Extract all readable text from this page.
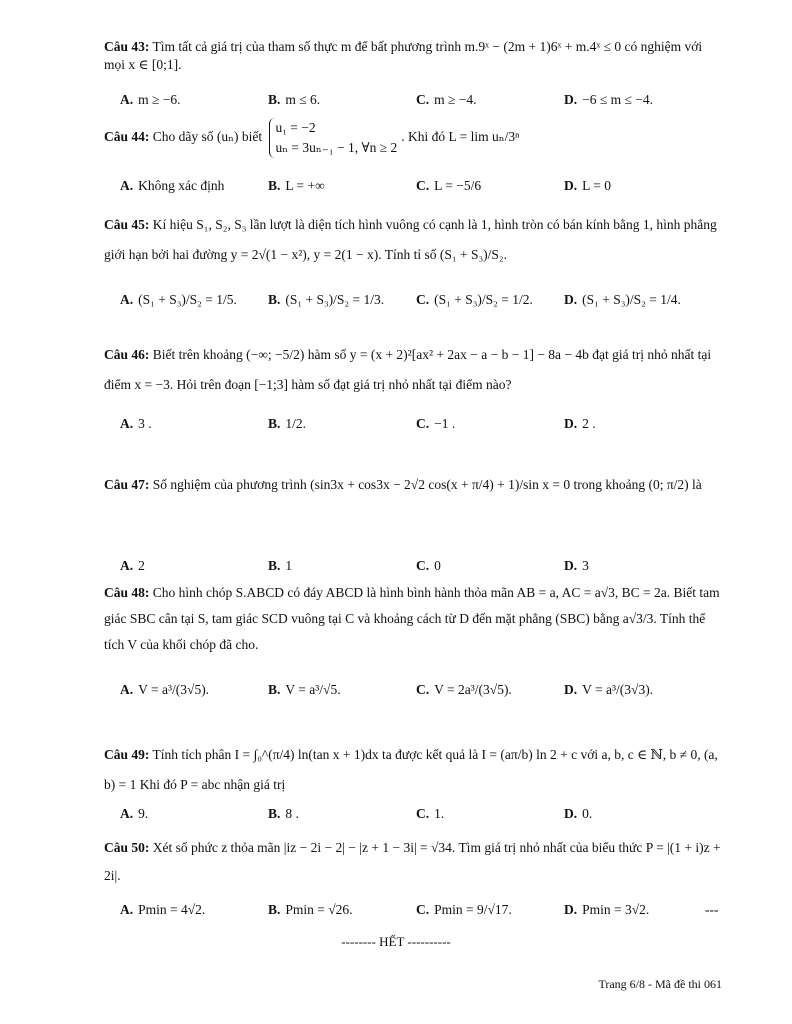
Câu 43: Tìm tất cả giá trị của tham số thực m để bất phương trình m.9ˣ − (2m + 1)6ˣ + m.4ˣ ≤ 0 có nghiệm với mọi x ∈ [0;1].
A. m ≥ −6.	B. m ≤ 6.	C. m ≥ −4.	D. −6 ≤ m ≤ −4.
Câu 44: Cho dãy số (uₙ) biết
u₁ = −2
uₙ = 3uₙ₋₁ − 1, ∀n ≥ 2
. Khi đó L = lim uₙ/3ⁿ
A. Không xác định	B. L = +∞	C. L = −5/6	D. L = 0
Câu 45: Kí hiệu S₁, S₂, S₃ lần lượt là diện tích hình vuông có cạnh là 1, hình tròn có bán kính bằng 1, hình phẳng giới hạn bởi hai đường y = 2√(1 − x²), y = 2(1 − x). Tính tỉ số (S₁ + S₃)/S₂.
A. (S₁ + S₃)/S₂ = 1/5. B. (S₁ + S₃)/S₂ = 1/3. C. (S₁ + S₃)/S₂ = 1/2. D. (S₁ + S₃)/S₂ = 1/4.
Câu 46: Biết trên khoảng (−∞; −5/2) hàm số y = (x + 2)²[ax² + 2ax − a − b − 1] − 8a − 4b đạt giá trị nhỏ nhất tại điểm x = −3. Hỏi trên đoạn [−1;3] hàm số đạt giá trị nhỏ nhất tại điểm nào?
A. 3 .	B. 1/2.	C. −1 .	D. 2 .
Câu 47: Số nghiệm của phương trình (sin3x + cos3x − 2√2 cos(x + π/4) + 1)/sin x = 0 trong khoảng (0; π/2) là
A. 2	B. 1	C. 0	D. 3
Câu 48: Cho hình chóp S.ABCD có đáy ABCD là hình bình hành thỏa mãn AB = a, AC = a√3, BC = 2a. Biết tam giác SBC cân tại S, tam giác SCD vuông tại C và khoảng cách từ D đến mặt phẳng (SBC) bằng a√3/3. Tính thể tích V của khối chóp đã cho.
A. V = a³/(3√5).	B. V = a³/√5.	C. V = 2a³/(3√5).	D. V = a³/(3√3).
Câu 49: Tính tích phân I = ∫₀^(π/4) ln(tan x + 1)dx ta được kết quả là I = (aπ/b) ln 2 + c với a, b, c ∈ ℕ, b ≠ 0, (a, b) = 1 Khi đó P = abc nhận giá trị
A. 9.	B. 8 .	C. 1.	D. 0.
Câu 50: Xét số phức z thỏa mãn |iz − 2i − 2| − |z + 1 − 3i| = √34. Tìm giá trị nhỏ nhất của biểu thức P = |(1 + i)z + 2i|.
A. Pmin = 4√2.	B. Pmin = √26.	C. Pmin = 9/√17.	D. Pmin = 3√2.	---
-------- HẾT ----------
Trang 6/8 - Mã đề thi 061
